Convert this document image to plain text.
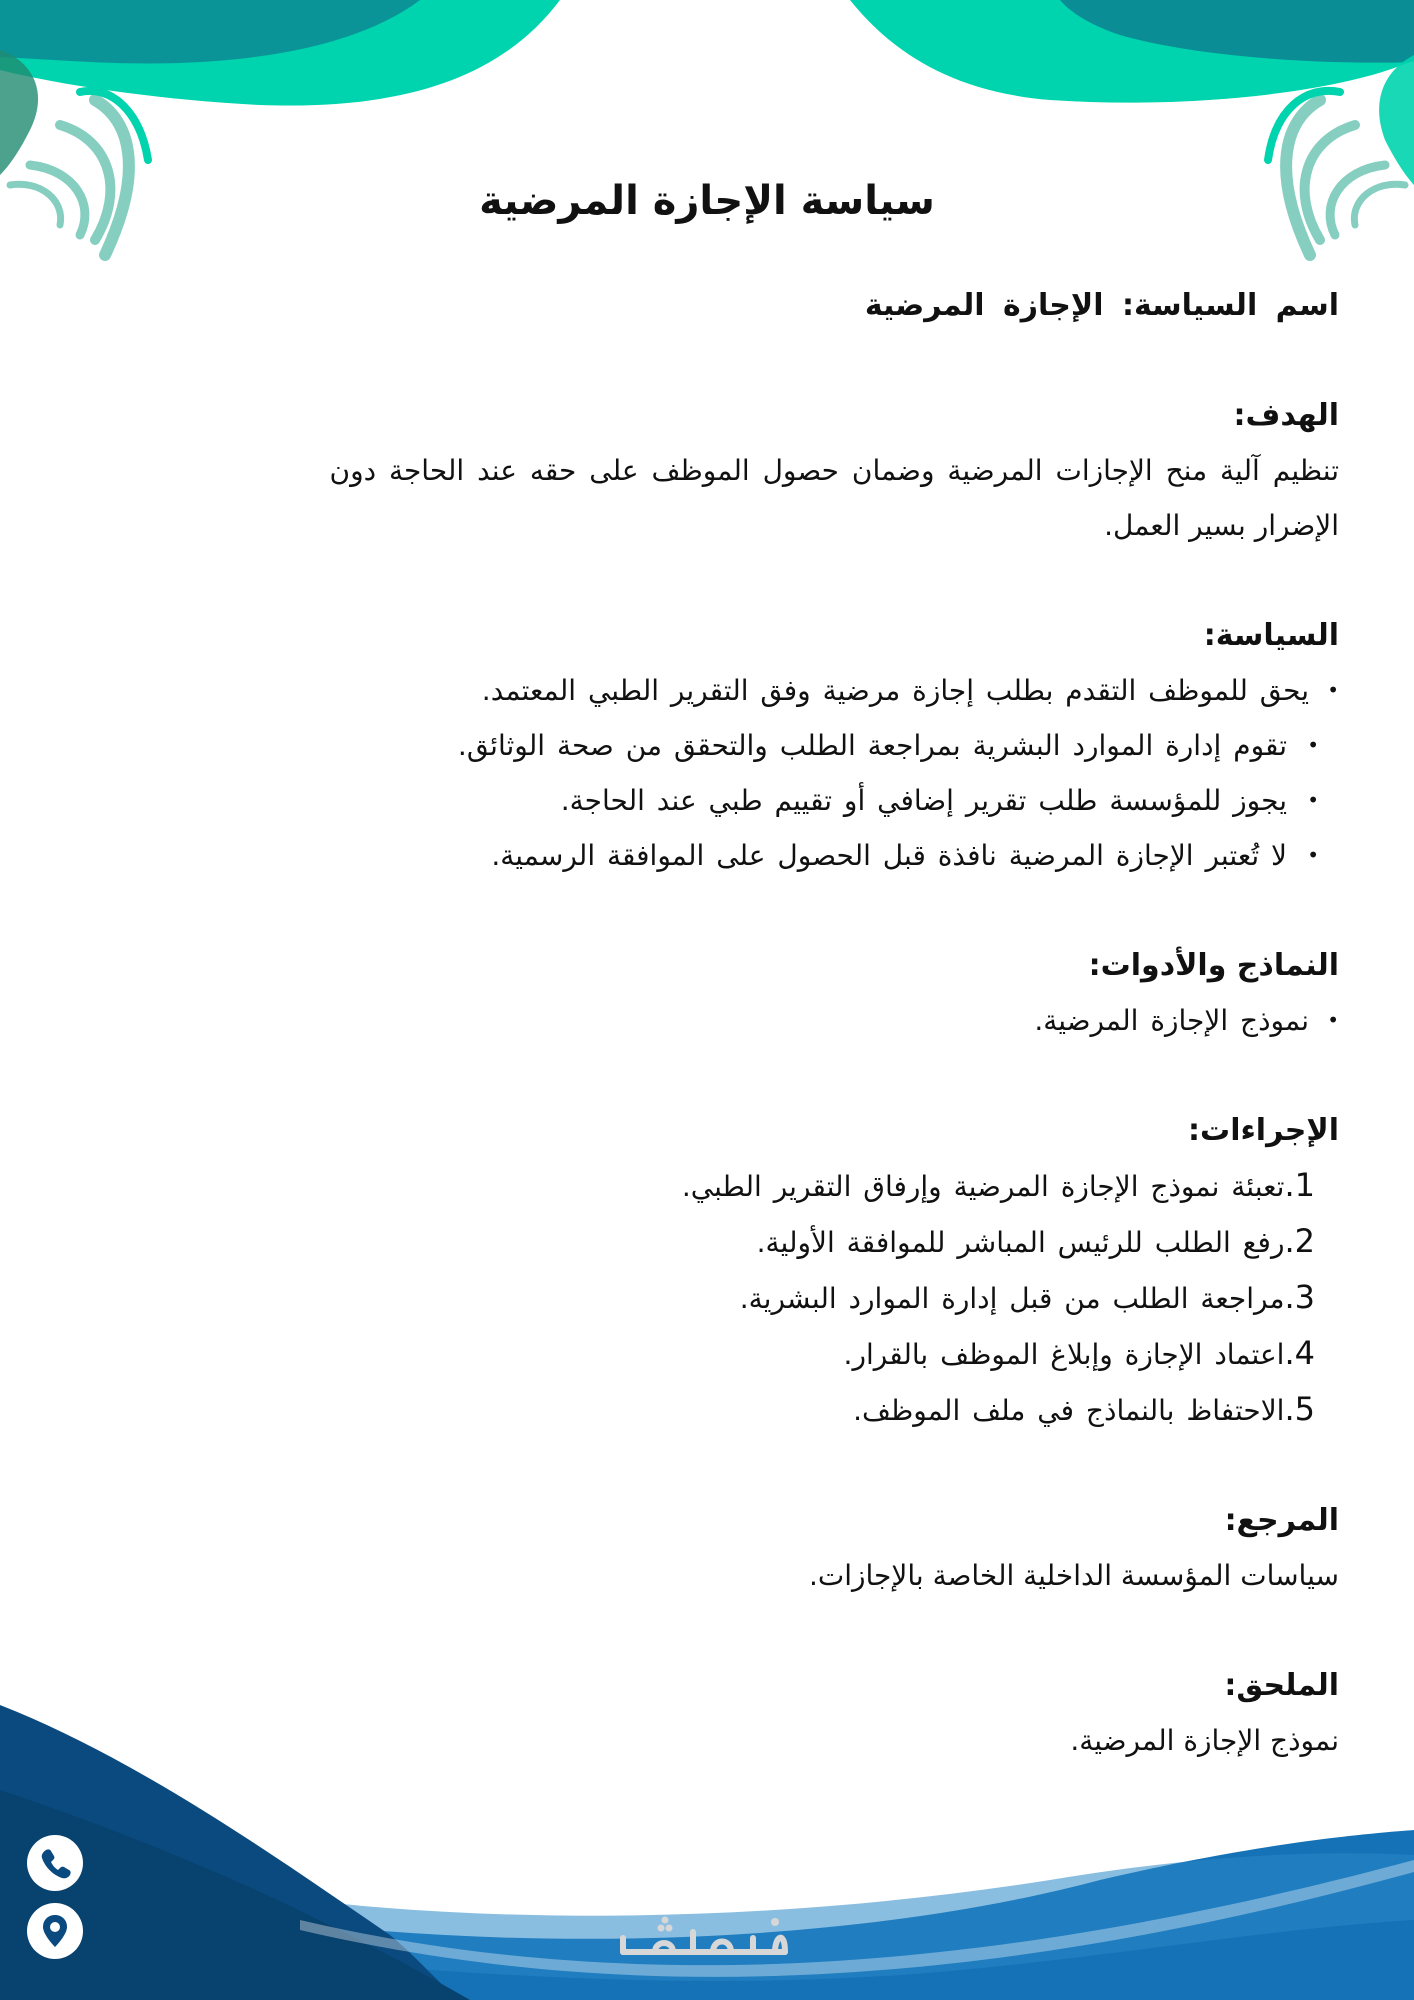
سياسة الإجازة المرضية

اسم السياسة: الإجازة المرضية

الهدف:

تنظيم آلية منح الإجازات المرضية وضمان حصول الموظف على حقه عند الحاجة دون

الإضرار بسير العمل.

السياسة:

• يحق للموظف التقدم بطلب إجازة مرضية وفق التقرير الطبي المعتمد.
• تقوم إدارة الموارد البشرية بمراجعة الطلب والتحقق من صحة الوثائق.
• يجوز للمؤسسة طلب تقرير إضافي أو تقييم طبي عند الحاجة.
• لا تُعتبر الإجازة المرضية نافذة قبل الحصول على الموافقة الرسمية.

النماذج والأدوات:

• نموذج الإجازة المرضية.

الإجراءات:

1.تعبئة نموذج الإجازة المرضية وإرفاق التقرير الطبي.
2.رفع الطلب للرئيس المباشر للموافقة الأولية.
3.مراجعة الطلب من قبل إدارة الموارد البشرية.
4.اعتماد الإجازة وإبلاغ الموظف بالقرار.
5.الاحتفاظ بالنماذج في ملف الموظف.

المرجع:

سياسات المؤسسة الداخلية الخاصة بالإجازات.

الملحق:

نموذج الإجازة المرضية.
